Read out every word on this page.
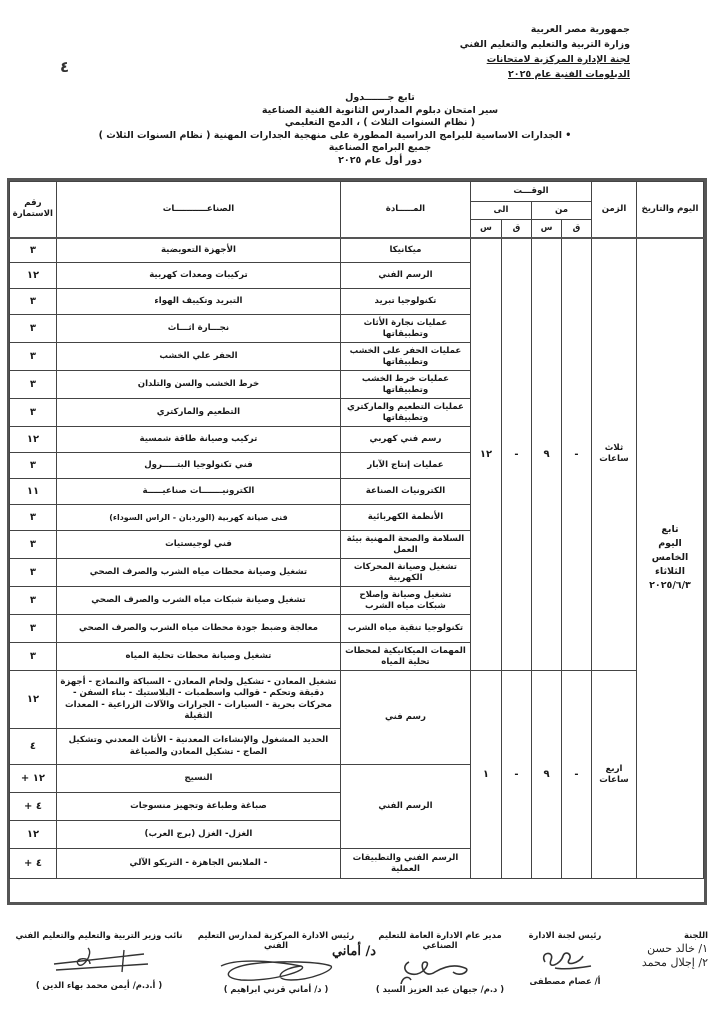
٤
جمهورية مصر العربية
وزارة التربية والتعليم والتعليم الفني
لجنة الإدارة المركزية لامتحانات
الدبلومات الفنية عام ٢٠٢٥
تابع جـــــــدول
سير امتحان دبلوم المدارس الثانوية الفنية الصناعية
( نظام السنوات الثلاث ) ، الدمج التعليمي
• الجدارات الاساسية للبرامج الدراسية المطورة على منهجية الجدارات المهنية ( نظام السنوات الثلاث )
جميع البرامج الصناعية
دور أول عام ٢٠٢٥
اليوم والتاريخ	الزمن	الوقـــت				المـــــادة	الصناعـــــــــــات	رقم الاستمارة
		من		الى				
		ق	س	ق	س			

تابع
اليوم
الخامس
الثلاثاء
٢٠٢٥/٦/٣	ثلاث ساعات	-	٩	-	١٢	ميكانيكا	الأجهزة التعويضية	٣
						الرسم الفني	تركيبات ومعدات كهربية	١٢
						تكنولوجيا تبريد	التبريد وتكييف الهواء	٣
						عمليات نجارة الأثاث وتطبيقاتها	نجـــارة اثـــاث	٣
						عمليات الحفر على الخشب وتطبيقاتها	الحفر علي الخشب	٣
						عمليات خرط الخشب وتطبيقاتها	خرط الخشب والسن والتلدان	٣
						عمليات التطعيم والماركتري وتطبيقاتها	التطعيم والماركتري	٣
						رسم فني كهربي	تركيب وصيانة طاقة شمسية	١٢
						عمليات إنتاج الآبار	فني تكنولوجيا البتـــــرول	٣
						الكترونيات الصناعة	الكترونيـــــــات صناعيـــــة	١١
						الأنظمة الكهربائية	فنى صيانة كهربية (الوردبان - الراس السوداء)	٣
						السلامة والصحة المهنية بيئة العمل	فني لوجيستيات	٣
						تشغيل وصيانة المحركات الكهربية	تشغيل وصيانة محطات مياه الشرب والصرف الصحي	٣
						تشغيل وصيانة وإصلاح شبكات مياه الشرب	تشغيل وصيانة شبكات مياه الشرب والصرف الصحي	٣
						تكنولوجيا تنقية مياه الشرب	معالجة وضبط جودة محطات مياه الشرب والصرف الصحي	٣
						المهمات الميكانيكية لمحطات تحلية المياه	تشغيل وصيانة محطات تحلية المياه	٣
	اربع ساعات	-	٩	-	١	رسم فني	تشغيل المعادن - تشكيل ولحام المعادن - السباكة والنماذج - أجهزة دقيقة وتحكم - قوالب واسطمبات - البلاستيك - بناء السفن - محركات بحرية - السيارات - الجرارات والآلات الزراعية - المعدات الثقيلة	١٢
							الحديد المشغول والإنشاءات المعدنية - الأثاث المعدني وتشكيل الصاج - تشكيل المعادن والصياغة	٤
						الرسم الفني	النسيج	١٢ +
							صباغة وطباعة وتجهيز منسوجات	٤ +
							الغزل- الغزل (برج العرب)	١٢
						الرسم الفني والتطبيقات العملية	- الملابس الجاهزة - التريكو الآلي	٤ +
اللجنة
١/ خالد حسن
٢/ إجلال محمد
رئيس لجنة الادارة
أ/ عصام مصطفى
مدير عام الادارة العامة للتعليم الصناعي
( د.م/ جيهان عبد العزيز السيد )
رئيس الادارة المركزية لمدارس التعليم الفني	د/ أماني
( د/ أماني قرني ابراهيم )
نائب وزير التربية والتعليم والتعليم الفني
( أ.د.م/ أيمن محمد بهاء الدين )
